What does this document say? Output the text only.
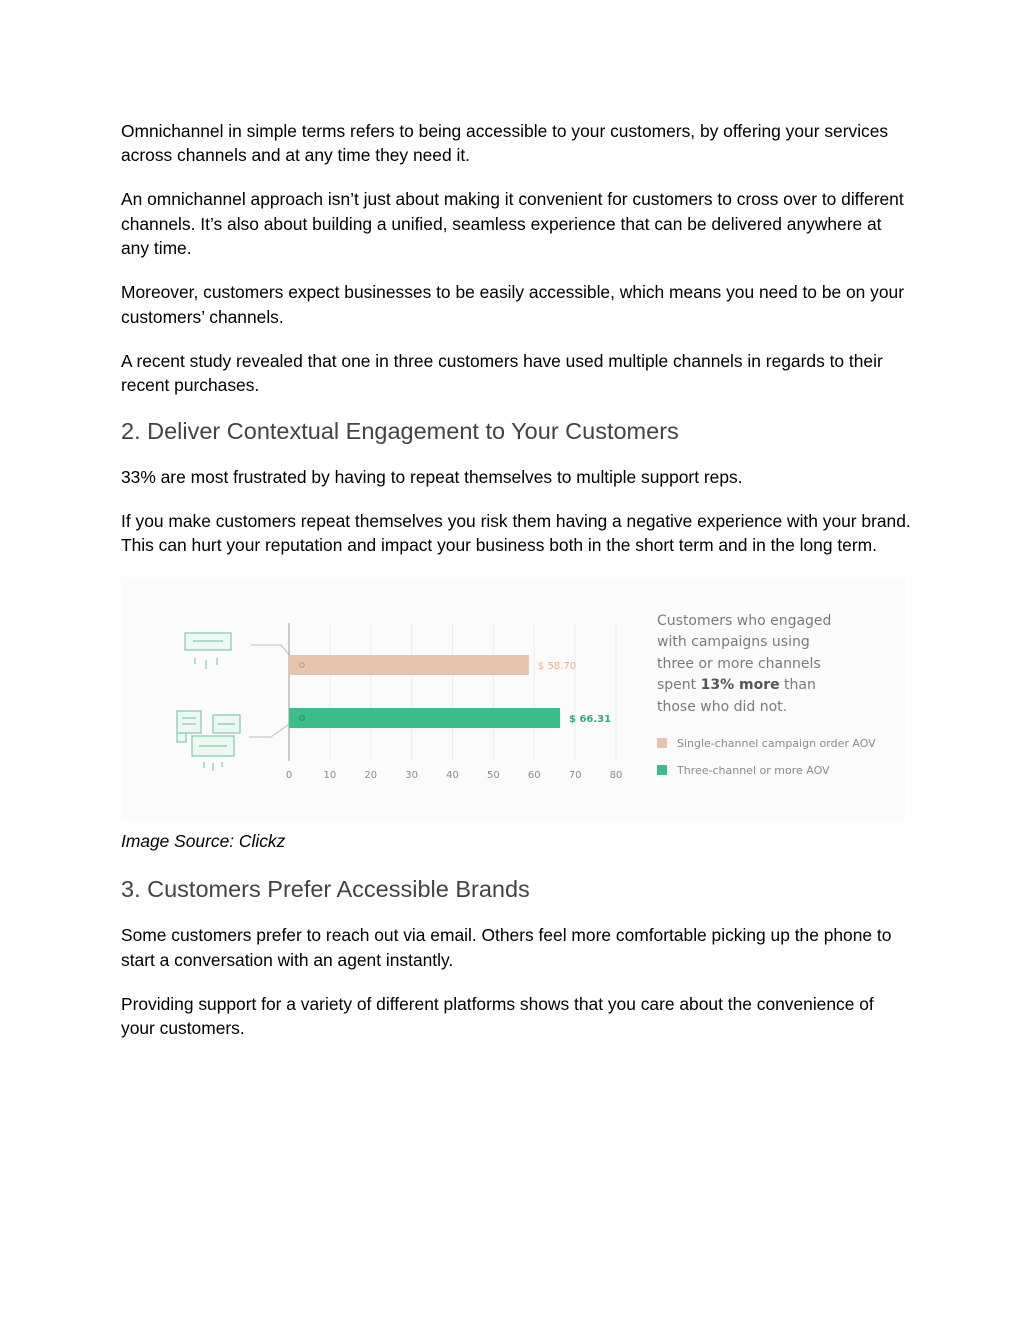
Omnichannel in simple terms refers to being accessible to your customers, by offering your services across channels and at any time they need it.

An omnichannel approach isn’t just about making it convenient for customers to cross over to different channels. It’s also about building a unified, seamless experience that can be delivered anywhere at any time.

Moreover, customers expect businesses to be easily accessible, which means you need to be on your customers’ channels.

A recent study revealed that one in three customers have used multiple channels in regards to their recent purchases.

2. Deliver Contextual Engagement to Your Customers

33% are most frustrated by having to repeat themselves to multiple support reps.

If you make customers repeat themselves you risk them having a negative experience with your brand. This can hurt your reputation and impact your business both in the short term and in the long term.

$ 58.70
$ 66.31
0	10	20	30	40	50	60	70	80
Customers who engaged
with campaigns using
three or more channels
spent 13% more than
those who did not.
Single-channel campaign order AOV
Three-channel or more AOV
Image Source: Clickz
3. Customers Prefer Accessible Brands

Some customers prefer to reach out via email. Others feel more comfortable picking up the phone to start a conversation with an agent instantly.

Providing support for a variety of different platforms shows that you care about the convenience of your customers.
